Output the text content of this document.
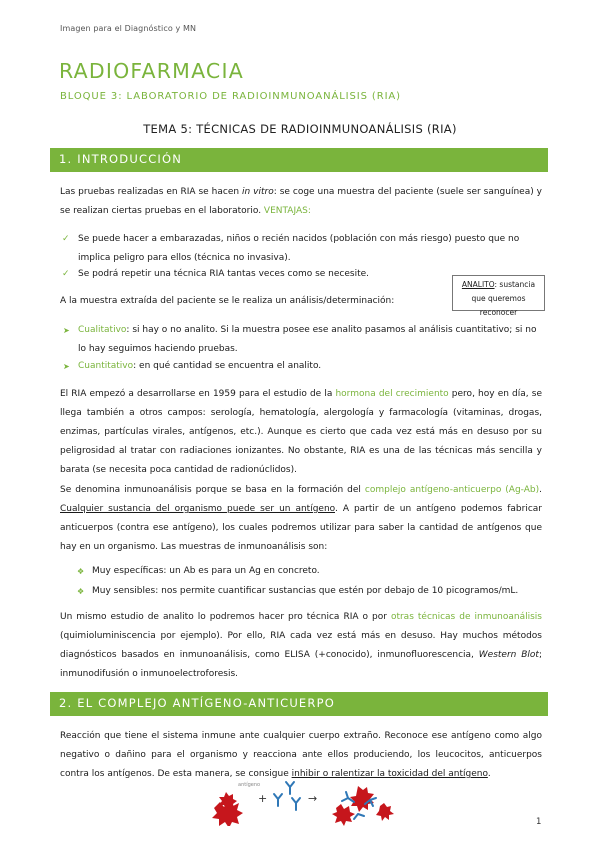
Imagen para el Diagnóstico y MN
RADIOFARMACIA
BLOQUE 3: LABORATORIO DE RADIOINMUNOANÁLISIS (RIA)
TEMA 5: TÉCNICAS DE RADIOINMUNOANÁLISIS (RIA)
1. INTRODUCCIÓN
Las pruebas realizadas en RIA se hacen in vitro: se coge una muestra del paciente (suele ser sanguínea) y se realizan ciertas pruebas en el laboratorio. VENTAJAS:
✓ Se puede hacer a embarazadas, niños o recién nacidos (población con más riesgo) puesto que no implica peligro para ellos (técnica no invasiva).
✓ Se podrá repetir una técnica RIA tantas veces como se necesite.
ANALITO: sustancia que queremos reconocer
A la muestra extraída del paciente se le realiza un análisis/determinación:
➤ Cualitativo: si hay o no analito. Si la muestra posee ese analito pasamos al análisis cuantitativo; si no lo hay seguimos haciendo pruebas.
➤ Cuantitativo: en qué cantidad se encuentra el analito.
El RIA empezó a desarrollarse en 1959 para el estudio de la hormona del crecimiento pero, hoy en día, se llega también a otros campos: serología, hematología, alergología y farmacología (vitaminas, drogas, enzimas, partículas virales, antígenos, etc.). Aunque es cierto que cada vez está más en desuso por su peligrosidad al tratar con radiaciones ionizantes. No obstante, RIA es una de las técnicas más sencilla y barata (se necesita poca cantidad de radionúclidos).
Se denomina inmunoanálisis porque se basa en la formación del complejo antígeno-anticuerpo (Ag-Ab). Cualquier sustancia del organismo puede ser un antígeno. A partir de un antígeno podemos fabricar anticuerpos (contra ese antígeno), los cuales podremos utilizar para saber la cantidad de antígenos que hay en un organismo. Las muestras de inmunoanálisis son:
❖ Muy específicas: un Ab es para un Ag en concreto.
❖ Muy sensibles: nos permite cuantificar sustancias que estén por debajo de 10 picogramos/mL.
Un mismo estudio de analito lo podremos hacer pro técnica RIA o por otras técnicas de inmunoanálisis (quimioluminiscencia por ejemplo). Por ello, RIA cada vez está más en desuso. Hay muchos métodos diagnósticos basados en inmunoanálisis, como ELISA (+conocido), inmunofluorescencia, Western Blot; inmunodifusión o inmunoelectroforesis.
2. EL COMPLEJO ANTÍGENO-ANTICUERPO
Reacción que tiene el sistema inmune ante cualquier cuerpo extraño. Reconoce ese antígeno como algo negativo o dañino para el organismo y reacciona ante ellos produciendo, los leucocitos, anticuerpos contra los antígenos. De esta manera, se consigue inhibir o ralentizar la toxicidad del antígeno.
antígeno
+	→
1
